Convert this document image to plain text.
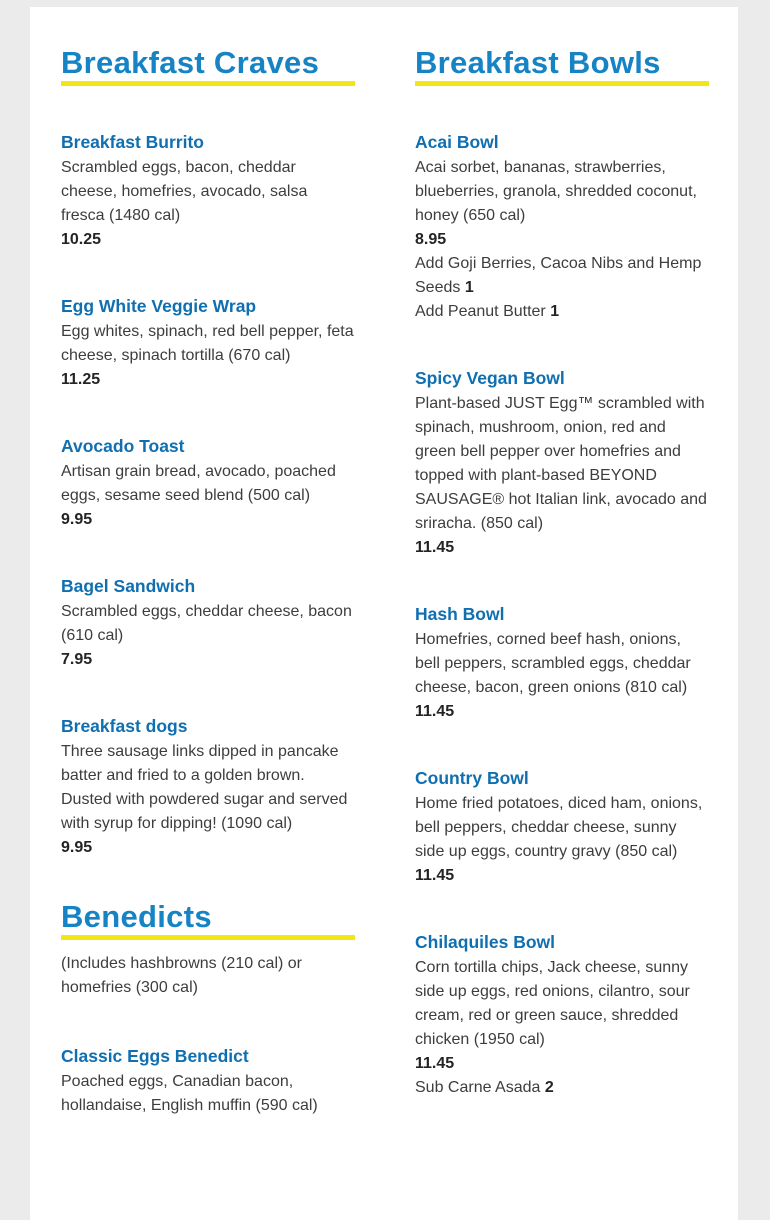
Breakfast Craves
Breakfast Burrito

Scrambled eggs, bacon, cheddar cheese, homefries, avocado, salsa fresca (1480 cal)

10.25

Egg White Veggie Wrap

Egg whites, spinach, red bell pepper, feta cheese, spinach tortilla (670 cal)

11.25

Avocado Toast

Artisan grain bread, avocado, poached eggs, sesame seed blend (500 cal)

9.95

Bagel Sandwich

Scrambled eggs, cheddar cheese, bacon (610 cal)

7.95

Breakfast dogs

Three sausage links dipped in pancake batter and fried to a golden brown. Dusted with powdered sugar and served with syrup for dipping! (1090 cal)

9.95

Benedicts

(Includes hashbrowns (210 cal) or homefries (300 cal)

Classic Eggs Benedict

Poached eggs, Canadian bacon, hollandaise, English muffin (590 cal)

Breakfast Bowls
Acai Bowl

Acai sorbet, bananas, strawberries, blueberries, granola, shredded coconut, honey (650 cal)

8.95

Add Goji Berries, Cacoa Nibs and Hemp Seeds 1

Add Peanut Butter 1

Spicy Vegan Bowl

Plant-based JUST Egg™ scrambled with spinach, mushroom, onion, red and green bell pepper over homefries and topped with plant-based BEYOND SAUSAGE® hot Italian link, avocado and sriracha. (850 cal)

11.45

Hash Bowl

Homefries, corned beef hash, onions, bell peppers, scrambled eggs, cheddar cheese, bacon, green onions (810 cal)

11.45

Country Bowl

Home fried potatoes, diced ham, onions, bell peppers, cheddar cheese, sunny side up eggs, country gravy (850 cal)

11.45

Chilaquiles Bowl

Corn tortilla chips, Jack cheese, sunny side up eggs, red onions, cilantro, sour cream, red or green sauce, shredded chicken (1950 cal)

11.45

Sub Carne Asada 2
